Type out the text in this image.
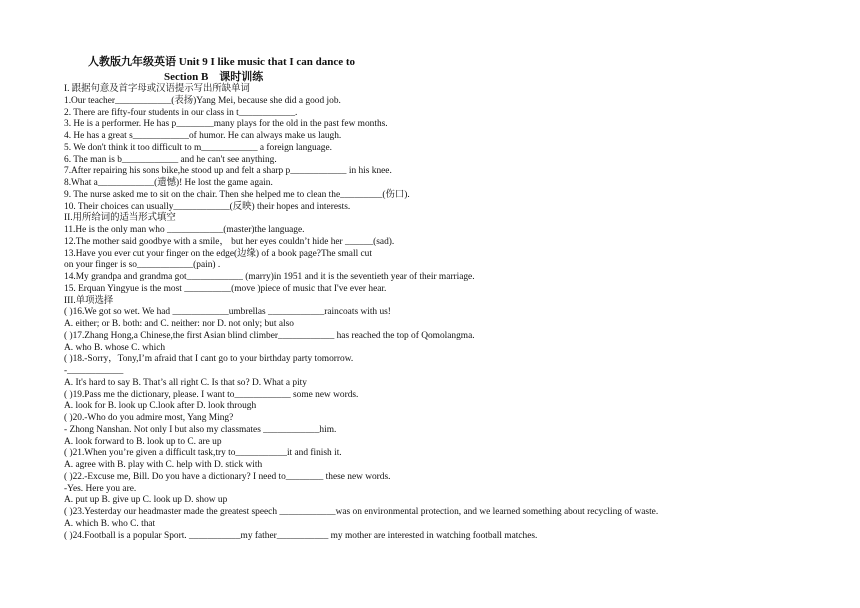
人教版九年级英语 Unit 9 I like music that I can dance to
Section B　课时训练
I. 跟据句意及首字母或汉语提示写出所缺单词
1.Our teacher____________(表扬)Yang Mei, because she did a good job.
2. There are fifty-four students in our class in t____________.
3. He is a performer. He has p________many plays for the old in the past few months.
4. He has a great s____________of humor. He can always make us laugh.
5. We don't think it too difficult to m____________ a foreign language.
6. The man is b____________ and he can't see anything.
7.After repairing his sons bike,he stood up and felt a sharp p____________ in his knee.
8.What a____________(遗憾)! He lost the game again.
9. The nurse asked me to sit on the chair. Then she helped me to clean the_________(伤口).
10. Their choices can usually____________(反映) their hopes and interests.
II.用所给词的适当形式填空
11.He is the only man who ____________(master)the language.
12.The mother said goodbye with a smile， but her eyes couldn’t hide her ______(sad).
13.Have you ever cut your finger on the edge(边缘) of a book page?The small cut
on your finger is so____________(pain) .
14.My grandpa and grandma got____________ (marry)in 1951 and it is the seventieth year of their marriage.
15. Erquan Yingyue is the most __________(move )piece of music that I've ever hear.
III.单项选择
( )16.We got so wet. We had ____________umbrellas ____________raincoats with us!
A. either; or B. both: and C. neither: nor D. not only; but also
( )17.Zhang Hong,a Chinese,the first Asian blind climber____________ has reached the top of Qomolangma.
A. who B. whose C. which
( )18.-Sorry，Tony,I’m afraid that I cant go to your birthday party tomorrow.
-____________
A. It's hard to say B. That’s all right C. Is that so? D. What a pity
( )19.Pass me the dictionary, please. I want to____________ some new words.
A. look for B. look up C.look after D. look through
( )20.-Who do you admire most, Yang Ming?
- Zhong Nanshan. Not only I but also my classmates ____________him.
A. look forward to B. look up to C. are up
( )21.When you’re given a difficult task,try to___________it and finish it.
A. agree with B. play with C. help with D. stick with
( )22.-Excuse me, Bill. Do you have a dictionary? I need to________ these new words.
-Yes. Here you are.
A. put up B. give up C. look up D. show up
( )23.Yesterday our headmaster made the greatest speech ____________was on environmental protection, and we learned something about recycling of waste.
A. which B. who C. that
( )24.Football is a popular Sport. ___________my father___________ my mother are interested in watching football matches.
